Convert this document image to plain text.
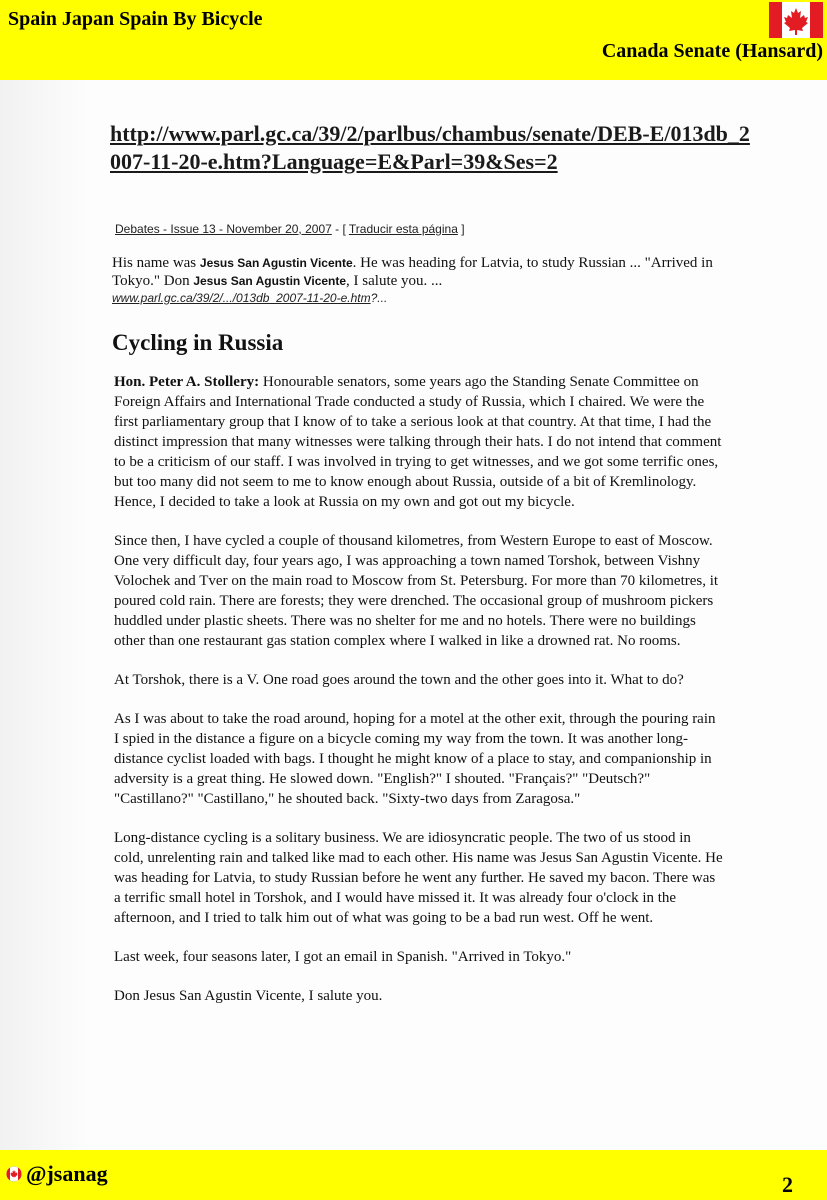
Spain Japan Spain By Bicycle
Canada Senate (Hansard)
http://www.parl.gc.ca/39/2/parlbus/chambus/senate/DEB-E/013db_2007-11-20-e.htm?Language=E&Parl=39&Ses=2
Debates - Issue 13 - November 20, 2007 - [ Traducir esta página ]
His name was Jesus San Agustin Vicente. He was heading for Latvia, to study Russian ... "Arrived in Tokyo." Don Jesus San Agustin Vicente, I salute you. ...
www.parl.gc.ca/39/2/.../013db_2007-11-20-e.htm?...
Cycling in Russia

Hon. Peter A. Stollery: Honourable senators, some years ago the Standing Senate Committee on Foreign Affairs and International Trade conducted a study of Russia, which I chaired. We were the first parliamentary group that I know of to take a serious look at that country. At that time, I had the distinct impression that many witnesses were talking through their hats. I do not intend that comment to be a criticism of our staff. I was involved in trying to get witnesses, and we got some terrific ones, but too many did not seem to me to know enough about Russia, outside of a bit of Kremlinology. Hence, I decided to take a look at Russia on my own and got out my bicycle.

Since then, I have cycled a couple of thousand kilometres, from Western Europe to east of Moscow. One very difficult day, four years ago, I was approaching a town named Torshok, between Vishny Volochek and Tver on the main road to Moscow from St. Petersburg. For more than 70 kilometres, it poured cold rain. There are forests; they were drenched. The occasional group of mushroom pickers huddled under plastic sheets. There was no shelter for me and no hotels. There were no buildings other than one restaurant gas station complex where I walked in like a drowned rat. No rooms.

At Torshok, there is a V. One road goes around the town and the other goes into it. What to do?

As I was about to take the road around, hoping for a motel at the other exit, through the pouring rain I spied in the distance a figure on a bicycle coming my way from the town. It was another long-distance cyclist loaded with bags. I thought he might know of a place to stay, and companionship in adversity is a great thing. He slowed down. "English?" I shouted. "Français?" "Deutsch?" "Castillano?" "Castillano," he shouted back. "Sixty-two days from Zaragosa."

Long-distance cycling is a solitary business. We are idiosyncratic people. The two of us stood in cold, unrelenting rain and talked like mad to each other. His name was Jesus San Agustin Vicente. He was heading for Latvia, to study Russian before he went any further. He saved my bacon. There was a terrific small hotel in Torshok, and I would have missed it. It was already four o'clock in the afternoon, and I tried to talk him out of what was going to be a bad run west. Off he went.

Last week, four seasons later, I got an email in Spanish. "Arrived in Tokyo."

Don Jesus San Agustin Vicente, I salute you.

@jsanag	2
